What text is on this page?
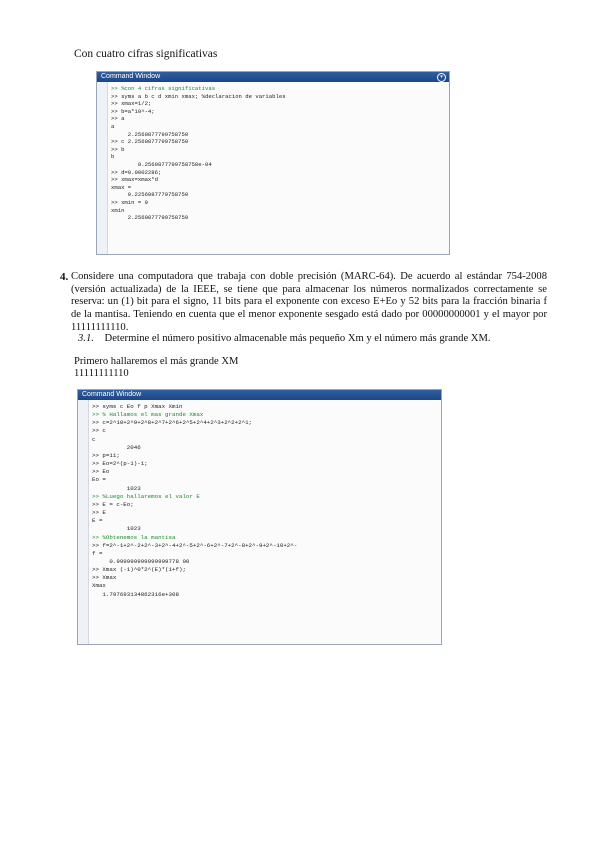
Con cuatro cifras significativas
Command Window	▾
>> %con 4 cifras significativas
>> syms a b c d xmin xmax; %declaracion de variables
>> xmax=1/2;
>> b=a*10^-4;
>> a
a
2.2560877799758750
>> c 2.2560877799758750
>> b
b
0.2560877799758750e-04
>> d=0.0002286;
>> xmax=xmax*d
xmax =
0.2256087779758750
>> xmin = 0
xmin
2.2560877799758750
4. Considere una computadora que trabaja con doble precisión (MARC-64). De acuerdo al estándar 754-2008 (versión actualizada) de la IEEE, se tiene que para almacenar los números normalizados correctamente se reserva: un (1) bit para el signo, 11 bits para el exponente con exceso E+Eo y 52 bits para la fracción binaria f de la mantisa. Teniendo en cuenta que el menor exponente sesgado está dado por 00000000001 y el mayor por 11111111110.
3.1. Determine el número positivo almacenable más pequeño Xm y el número más grande XM.
Primero hallaremos el más grande XM
11111111110
Command Window
>> syms c Eo f p Xmax Xmin
>> % Hallamos el mas grande Xmax
>> c=2^10+2^9+2^8+2^7+2^6+2^5+2^4+2^3+2^2+2^1;
>> c
c
2046
>> p=11;
>> Eo=2^(p-1)-1;
>> Eo
Eo =
1023
>> %Luego hallaremos el valor E
>> E = c-Eo;
>> E
E =
1023
>> %Obtenemos la mantisa
>> f=2^-1+2^-2+2^-3+2^-4+2^-5+2^-6+2^-7+2^-8+2^-9+2^-10+2^-
f =
0.999999999999999778 00
>> Xmax (-1)^0*2^(E)*(1+f);
>> Xmax
Xmax
1.797693134862316e+308
